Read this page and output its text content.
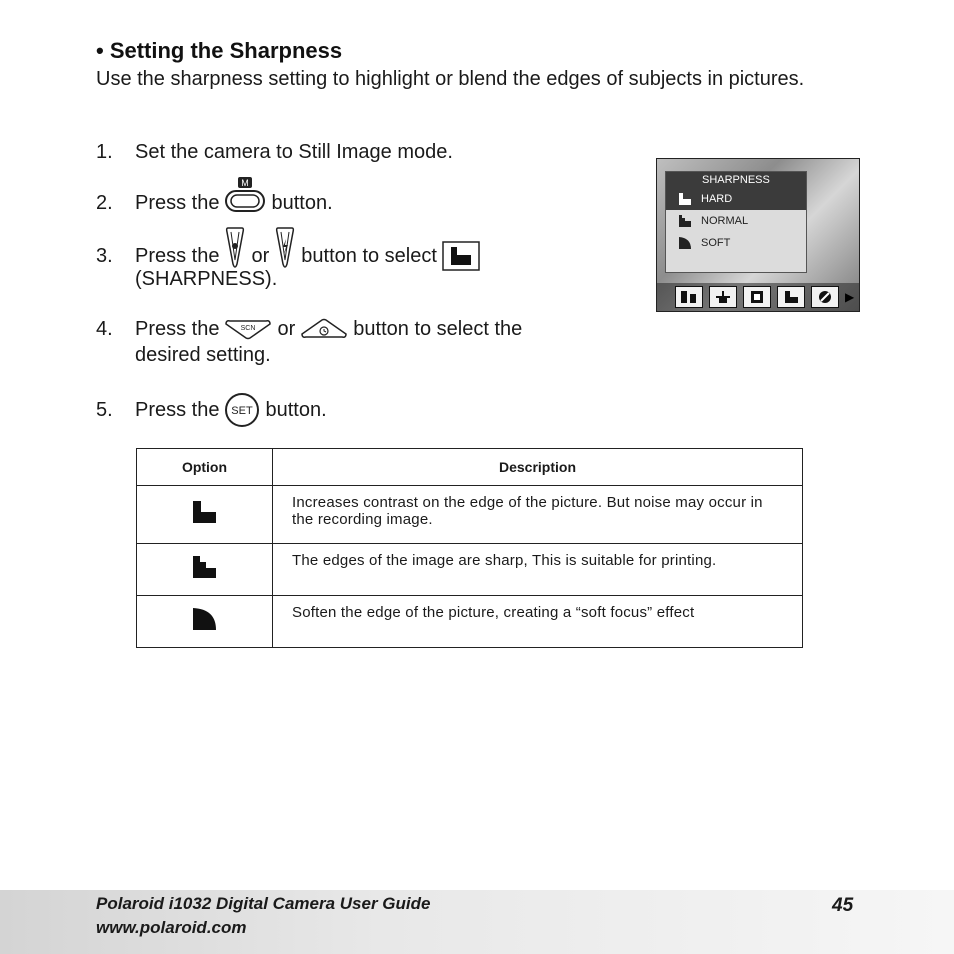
• Setting the Sharpness
Use the sharpness setting to highlight or blend the edges of subjects in pictures.
1.	Set the camera to Still Image mode.
2.	Press the
M
button.
3.	Press the or button to select
(SHARPNESS).
4.	Press the	SCN or	button to select the
desired setting.
5.	Press the SET button.
SHARPNESS
HARD
NORMAL
SOFT
▶
Option	Description
	Increases contrast on the edge of the picture. But noise may occur in the recording image.
	The edges of the image are sharp, This is suitable for printing.
	Soften the edge of the picture, creating a “soft focus” effect
Polaroid i1032 Digital Camera User Guide
www.polaroid.com
45
